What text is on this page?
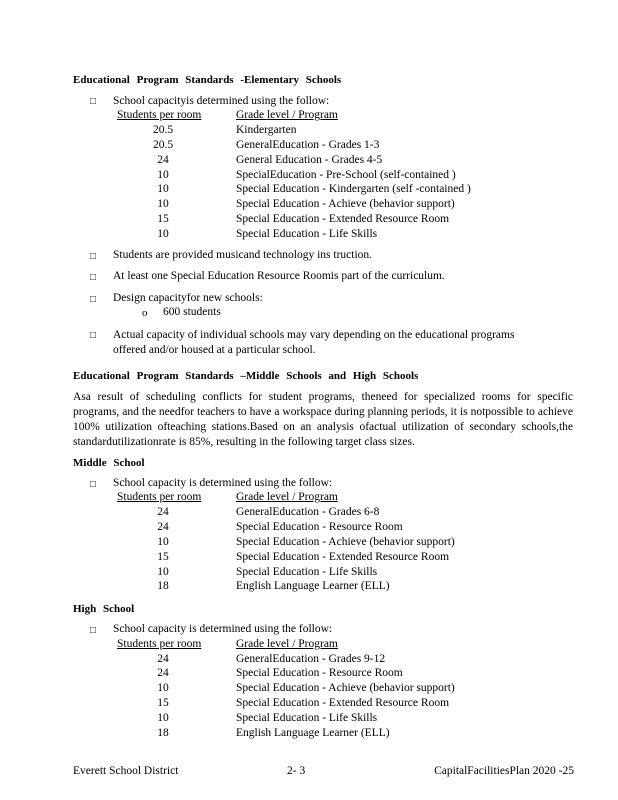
Educational Program Standards -Elementary Schools
□ School capacityis determined using the follow:
Students per room	Grade level / Program
20.5	Kindergarten
20.5	GeneralEducation - Grades 1-3
24	General Education - Grades 4-5
10	SpecialEducation - Pre-School (self-contained )
10	Special Education - Kindergarten (self -contained )
10	Special Education - Achieve (behavior support)
15	Special Education - Extended Resource Room
10	Special Education - Life Skills
□ Students are provided musicand technology ins truction.
□ At least one Special Education Resource Roomis part of the curriculum.
□ Design capacityfor new schools:
o 600 students
□ Actual capacity of individual schools may vary depending on the educational programs offered and/or housed at a particular school.
Educational Program Standards –Middle Schools and High Schools
Asa result of scheduling conflicts for student programs, theneed for specialized rooms for specific programs, and the needfor teachers to have a workspace during planning periods, it is notpossible to achieve 100% utilization ofteaching stations.Based on an analysis ofactual utilization of secondary schools,the standardutilizationrate is 85%, resulting in the following target class sizes.
Middle School
□ School capacity is determined using the follow:
Students per room	Grade level / Program
24	GeneralEducation - Grades 6-8
24	Special Education - Resource Room
10	Special Education - Achieve (behavior support)
15	Special Education - Extended Resource Room
10	Special Education - Life Skills
18	English Language Learner (ELL)
High School
□ School capacity is determined using the follow:
Students per room	Grade level / Program
24	GeneralEducation - Grades 9-12
24	Special Education - Resource Room
10	Special Education - Achieve (behavior support)
15	Special Education - Extended Resource Room
10	Special Education - Life Skills
18	English Language Learner (ELL)
Everett School District	2- 3	CapitalFacilitiesPlan 2020 -25
